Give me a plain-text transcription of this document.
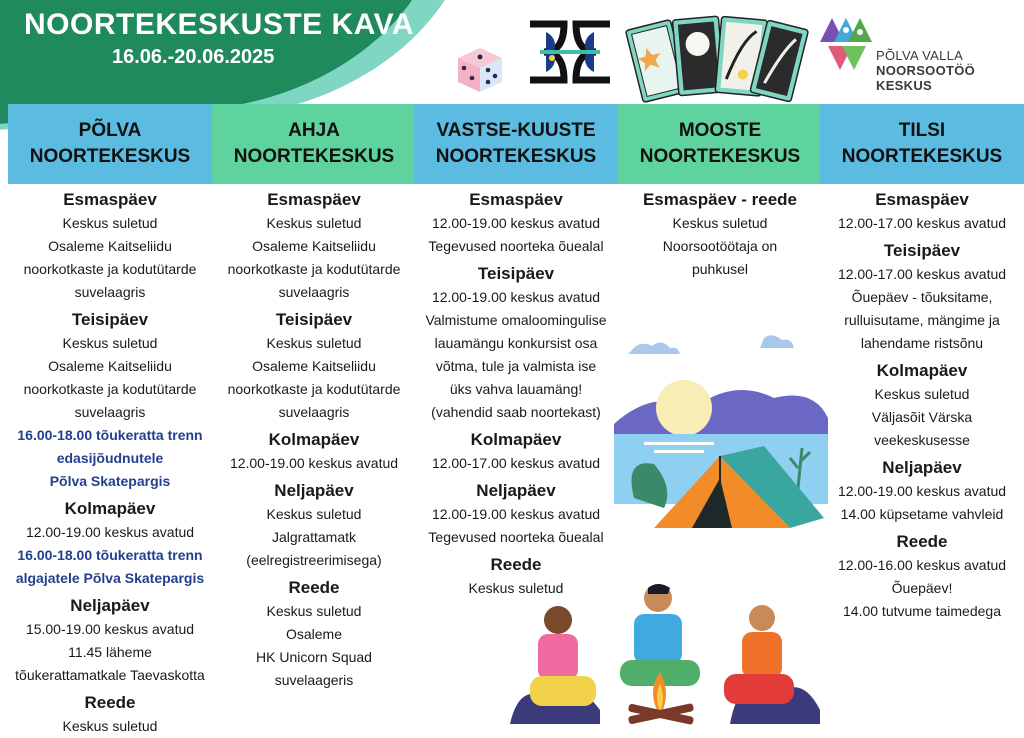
NOORTEKESKUSTE KAVA
16.06.-20.06.2025	PÕLVA VALLA
NOORSOOTÖÖ
KESKUS
PÕLVA
NOORTEKESKUS
Esmaspäev
Keskus suletud
Osaleme Kaitseliidu
noorkotkaste ja kodutütarde
suvelaagris
Teisipäev
Keskus suletud
Osaleme Kaitseliidu
noorkotkaste ja kodutütarde
suvelaagris
16.00-18.00 tõukeratta trenn
edasijõudnutele
Põlva Skatepargis
Kolmapäev
12.00-19.00 keskus avatud
16.00-18.00 tõukeratta trenn
algajatele Põlva Skatepargis
Neljapäev
15.00-19.00 keskus avatud
11.45 läheme
tõukerattamatkale Taevaskotta
Reede
Keskus suletud
AHJA
NOORTEKESKUS
Esmaspäev
Keskus suletud
Osaleme Kaitseliidu
noorkotkaste ja kodutütarde
suvelaagris
Teisipäev
Keskus suletud
Osaleme Kaitseliidu
noorkotkaste ja kodutütarde
suvelaagris
Kolmapäev
12.00-19.00 keskus avatud
Neljapäev
Keskus suletud
Jalgrattamatk
(eelregistreerimisega)
Reede
Keskus suletud
Osaleme
HK Unicorn Squad
suvelaageris
VASTSE-KUUSTE
NOORTEKESKUS
Esmaspäev
12.00-19.00 keskus avatud
Tegevused noorteka õuealal
Teisipäev
12.00-19.00 keskus avatud
Valmistume omaloomingulise
lauamängu konkursist osa
võtma, tule ja valmista ise
üks vahva lauamäng!
(vahendid saab noortekast)
Kolmapäev
12.00-17.00 keskus avatud
Neljapäev
12.00-19.00 keskus avatud
Tegevused noorteka õuealal
Reede
Keskus suletud
MOOSTE
NOORTEKESKUS
Esmaspäev - reede
Keskus suletud
Noorsootöötaja on
puhkusel
TILSI
NOORTEKESKUS
Esmaspäev
12.00-17.00 keskus avatud
Teisipäev
12.00-17.00 keskus avatud
Õuepäev - tõuksitame,
rulluisutame, mängime ja
lahendame ristsõnu
Kolmapäev
Keskus suletud
Väljasõit Värska
veekeskusesse
Neljapäev
12.00-19.00 keskus avatud
14.00 küpsetame vahvleid
Reede
12.00-16.00 keskus avatud
Õuepäev!
14.00 tutvume taimedega
